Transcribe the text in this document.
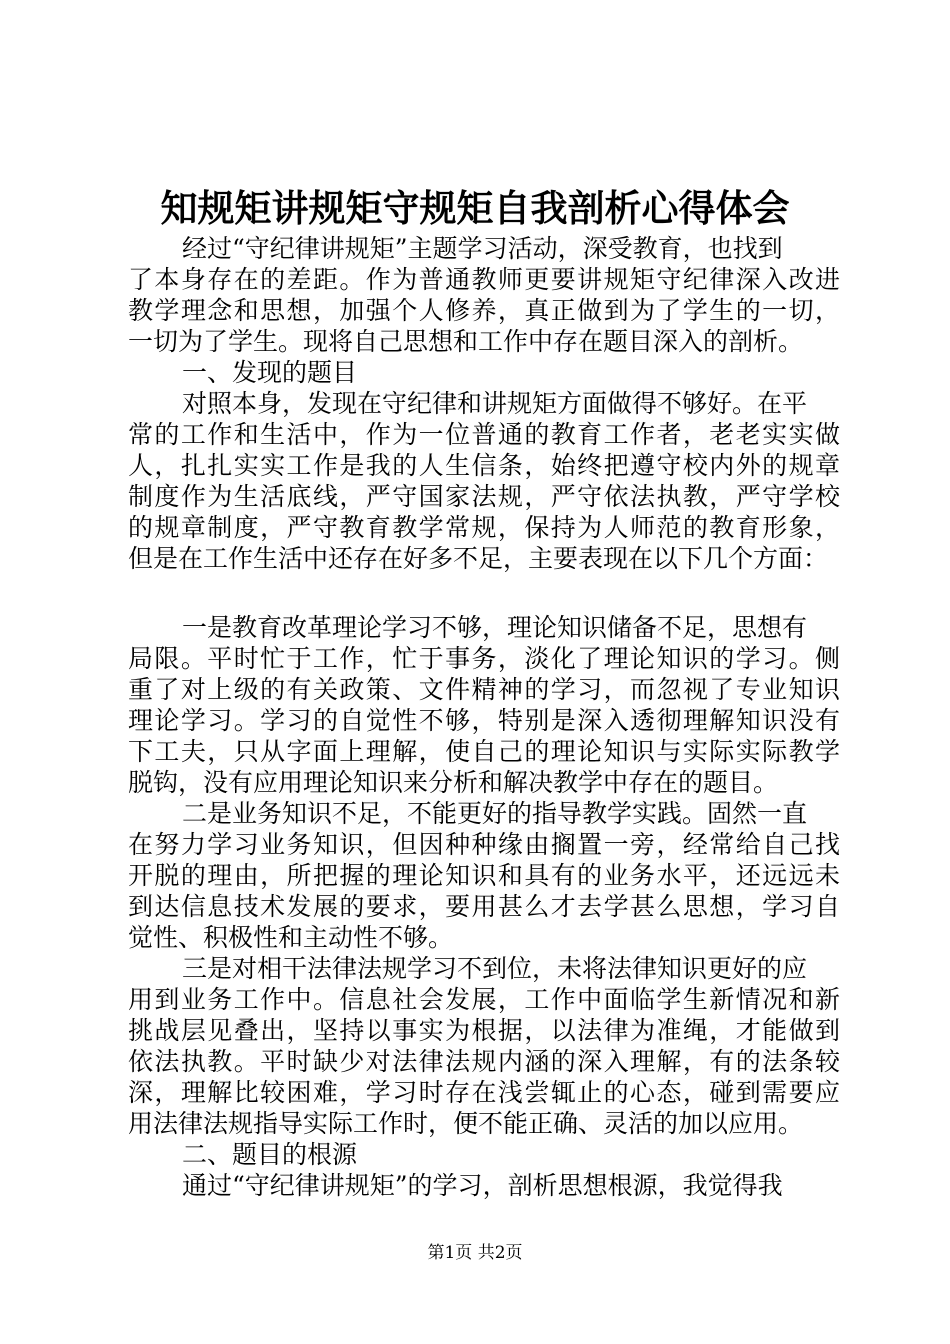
知规矩讲规矩守规矩自我剖析心得体会
经过“守纪律讲规矩”主题学习活动，深受教育，也找到
了本身存在的差距。作为普通教师更要讲规矩守纪律深入改进
教学理念和思想，加强个人修养，真正做到为了学生的一切，
一切为了学生。现将自己思想和工作中存在题目深入的剖析。
一、发现的题目
对照本身，发现在守纪律和讲规矩方面做得不够好。在平
常的工作和生活中，作为一位普通的教育工作者，老老实实做
人，扎扎实实工作是我的人生信条，始终把遵守校内外的规章
制度作为生活底线，严守国家法规，严守依法执教，严守学校
的规章制度，严守教育教学常规，保持为人师范的教育形象，
但是在工作生活中还存在好多不足，主要表现在以下几个方面：
一是教育改革理论学习不够，理论知识储备不足，思想有
局限。平时忙于工作，忙于事务，淡化了理论知识的学习。侧
重了对上级的有关政策、文件精神的学习，而忽视了专业知识
理论学习。学习的自觉性不够，特别是深入透彻理解知识没有
下工夫，只从字面上理解，使自己的理论知识与实际实际教学
脱钩，没有应用理论知识来分析和解决教学中存在的题目。
二是业务知识不足，不能更好的指导教学实践。固然一直
在努力学习业务知识，但因种种缘由搁置一旁，经常给自己找
开脱的理由，所把握的理论知识和具有的业务水平，还远远未
到达信息技术发展的要求，要用甚么才去学甚么思想，学习自
觉性、积极性和主动性不够。
三是对相干法律法规学习不到位，未将法律知识更好的应
用到业务工作中。信息社会发展，工作中面临学生新情况和新
挑战层见叠出，坚持以事实为根据，以法律为准绳，才能做到
依法执教。平时缺少对法律法规内涵的深入理解，有的法条较
深，理解比较困难，学习时存在浅尝辄止的心态，碰到需要应
用法律法规指导实际工作时，便不能正确、灵活的加以应用。
二、题目的根源
通过“守纪律讲规矩”的学习，剖析思想根源，我觉得我
第1页 共2页
